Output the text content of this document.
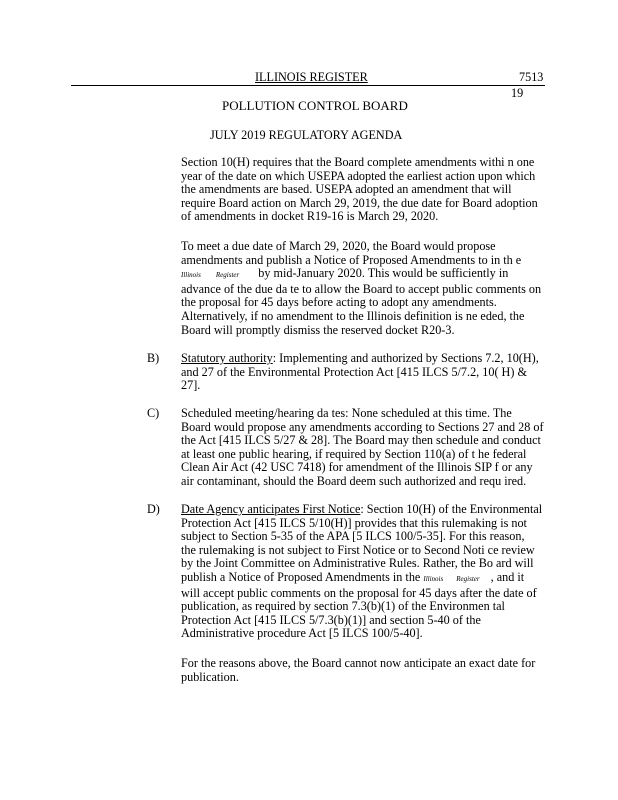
ILLINOIS REGISTER	7513
19
POLLUTION CONTROL BOARD
JULY 2019 REGULATORY AGENDA
Section 10(H) requires that the Board complete amendments withi n one
year of the date on which USEPA adopted the earliest action upon which
the amendments are based. USEPA adopted an amendment that will
require Board action on March 29, 2019, the due date for Board adoption
of amendments in docket R19-16 is March 29, 2020.
To meet a due date of March 29, 2020, the Board would propose
amendments and publish a Notice of Proposed Amendments to in th e
Illinois Register by mid-January 2020. This would be sufficiently in
advance of the due da te to allow the Board to accept public comments on
the proposal for 45 days before acting to adopt any amendments.
Alternatively, if no amendment to the Illinois definition is ne eded, the
Board will promptly dismiss the reserved docket R20-3.
B) Statutory authority: Implementing and authorized by Sections 7.2, 10(H),
and 27 of the Environmental Protection Act [415 ILCS 5/7.2, 10( H) &
27].
C) Scheduled meeting/hearing da tes: None scheduled at this time. The
Board would propose any amendments according to Sections 27 and 28 of
the Act [415 ILCS 5/27 & 28]. The Board may then schedule and conduct
at least one public hearing, if required by Section 110(a) of t he federal
Clean Air Act (42 USC 7418) for amendment of the Illinois SIP f or any
air contaminant, should the Board deem such authorized and requ ired.
D) Date Agency anticipates First Notice: Section 10(H) of the Environmental
Protection Act [415 ILCS 5/10(H)] provides that this rulemaking is not
subject to Section 5-35 of the APA [5 ILCS 100/5-35]. For this reason,
the rulemaking is not subject to First Notice or to Second Noti ce review
by the Joint Committee on Administrative Rules. Rather, the Bo ard will
publish a Notice of Proposed Amendments in the Illinois Register , and it
will accept public comments on the proposal for 45 days after the date of
publication, as required by section 7.3(b)(1) of the Environmen tal
Protection Act [415 ILCS 5/7.3(b)(1)] and section 5-40 of the
Administrative procedure Act [5 ILCS 100/5-40].
For the reasons above, the Board cannot now anticipate an exact date for
publication.
